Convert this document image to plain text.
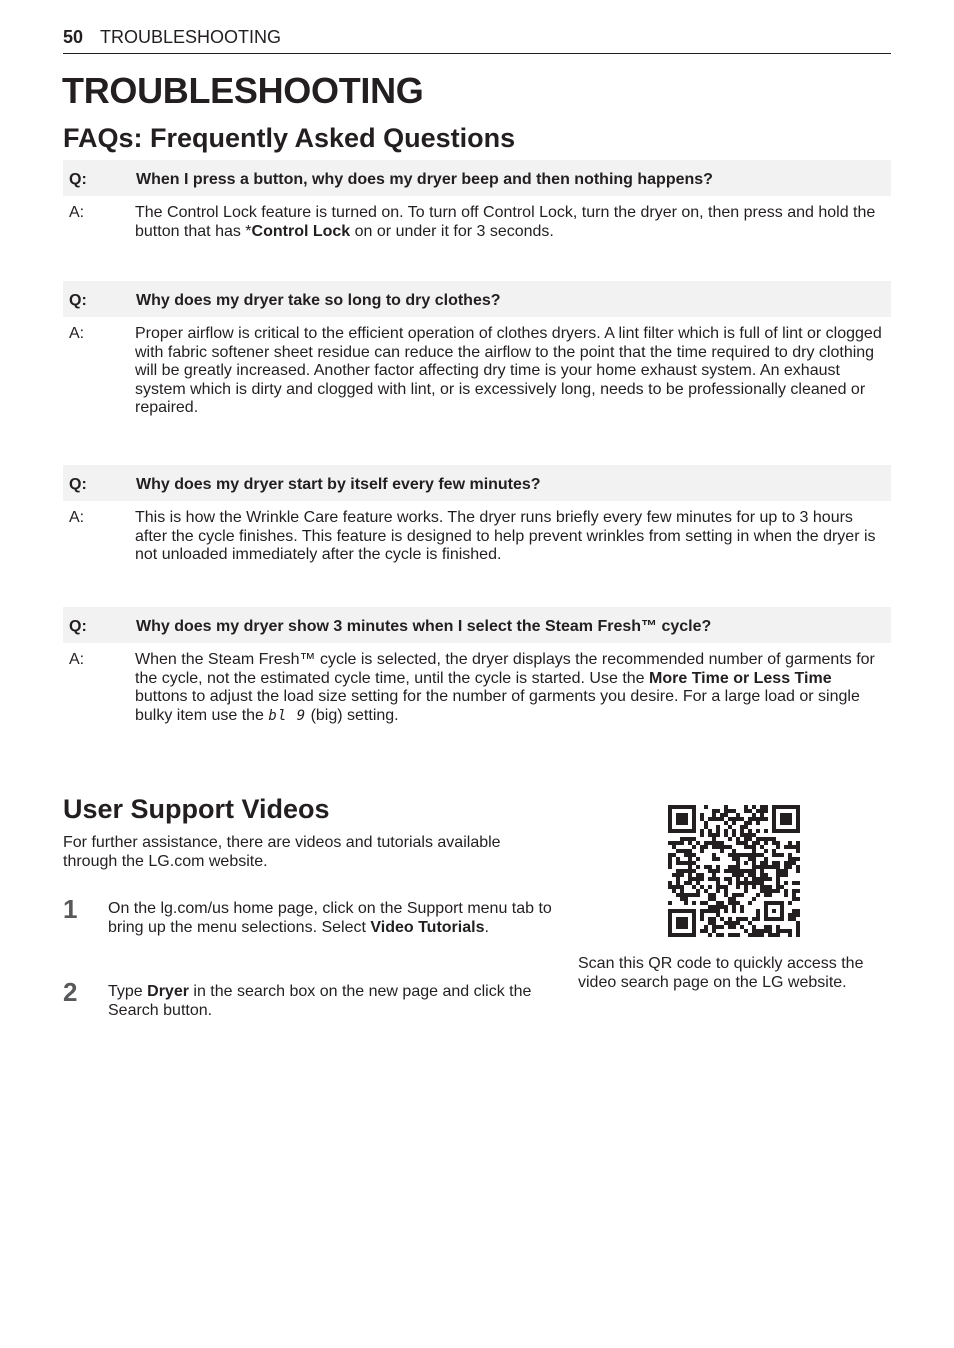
50 TROUBLESHOOTING
TROUBLESHOOTING
FAQs: Frequently Asked Questions
Q:	When I press a button, why does my dryer beep and then nothing happens?
A:	The Control Lock feature is turned on. To turn off Control Lock, turn the dryer on, then press and hold the button that has *Control Lock on or under it for 3 seconds.
Q:	Why does my dryer take so long to dry clothes?
A:	Proper airflow is critical to the efficient operation of clothes dryers. A lint filter which is full of lint or clogged with fabric softener sheet residue can reduce the airflow to the point that the time required to dry clothing will be greatly increased. Another factor affecting dry time is your home exhaust system. An exhaust system which is dirty and clogged with lint, or is excessively long, needs to be professionally cleaned or repaired.
Q:	Why does my dryer start by itself every few minutes?
A:	This is how the Wrinkle Care feature works. The dryer runs briefly every few minutes for up to 3 hours after the cycle finishes. This feature is designed to help prevent wrinkles from setting in when the dryer is not unloaded immediately after the cycle is finished.
Q:	Why does my dryer show 3 minutes when I select the Steam Fresh™ cycle?
A:	When the Steam Fresh™ cycle is selected, the dryer displays the recommended number of garments for the cycle, not the estimated cycle time, until the cycle is started. Use the More Time or Less Time buttons to adjust the load size setting for the number of garments you desire. For a large load or single bulky item use the bl 9 (big) setting.
User Support Videos
For further assistance, there are videos and tutorials available through the LG.com website.
1 On the lg.com/us home page, click on the Support menu tab to bring up the menu selections. Select Video Tutorials.
2 Type Dryer in the search box on the new page and click the Search button.
Scan this QR code to quickly access the video search page on the LG website.
